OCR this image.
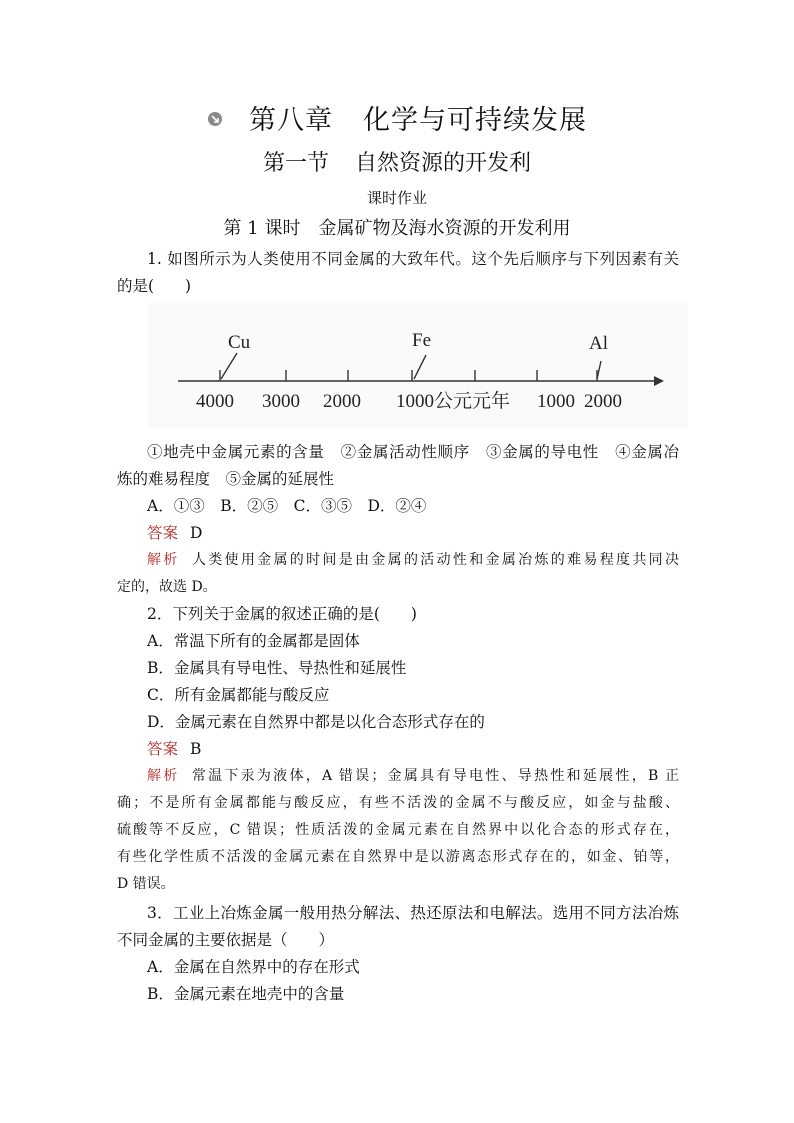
第八章 化学与可持续发展
第一节 自然资源的开发利
课时作业
第 1 课时 金属矿物及海水资源的开发利用
1. 如图所示为人类使用不同金属的大致年代。这个先后顺序与下列因素有关
的是(　　)
Cu	Fe	Al
4000 3000 2000 1000公元元年 1000 2000
①地壳中金属元素的含量　②金属活动性顺序　③金属的导电性　④金属冶
炼的难易程度　⑤金属的延展性
A．①③　B．②⑤　C．③⑤　D．②④
答案 D
解析 人类使用金属的时间是由金属的活动性和金属冶炼的难易程度共同决
定的，故选 D。
2．下列关于金属的叙述正确的是(　　)
A．常温下所有的金属都是固体
B．金属具有导电性、导热性和延展性
C．所有金属都能与酸反应
D．金属元素在自然界中都是以化合态形式存在的
答案 B
解析 常温下汞为液体，A 错误；金属具有导电性、导热性和延展性，B 正
确；不是所有金属都能与酸反应，有些不活泼的金属不与酸反应，如金与盐酸、
硫酸等不反应，C 错误；性质活泼的金属元素在自然界中以化合态的形式存在，
有些化学性质不活泼的金属元素在自然界中是以游离态形式存在的，如金、铂等，
D 错误。
3．工业上冶炼金属一般用热分解法、热还原法和电解法。选用不同方法冶炼
不同金属的主要依据是（　　）
A．金属在自然界中的存在形式
B．金属元素在地壳中的含量
